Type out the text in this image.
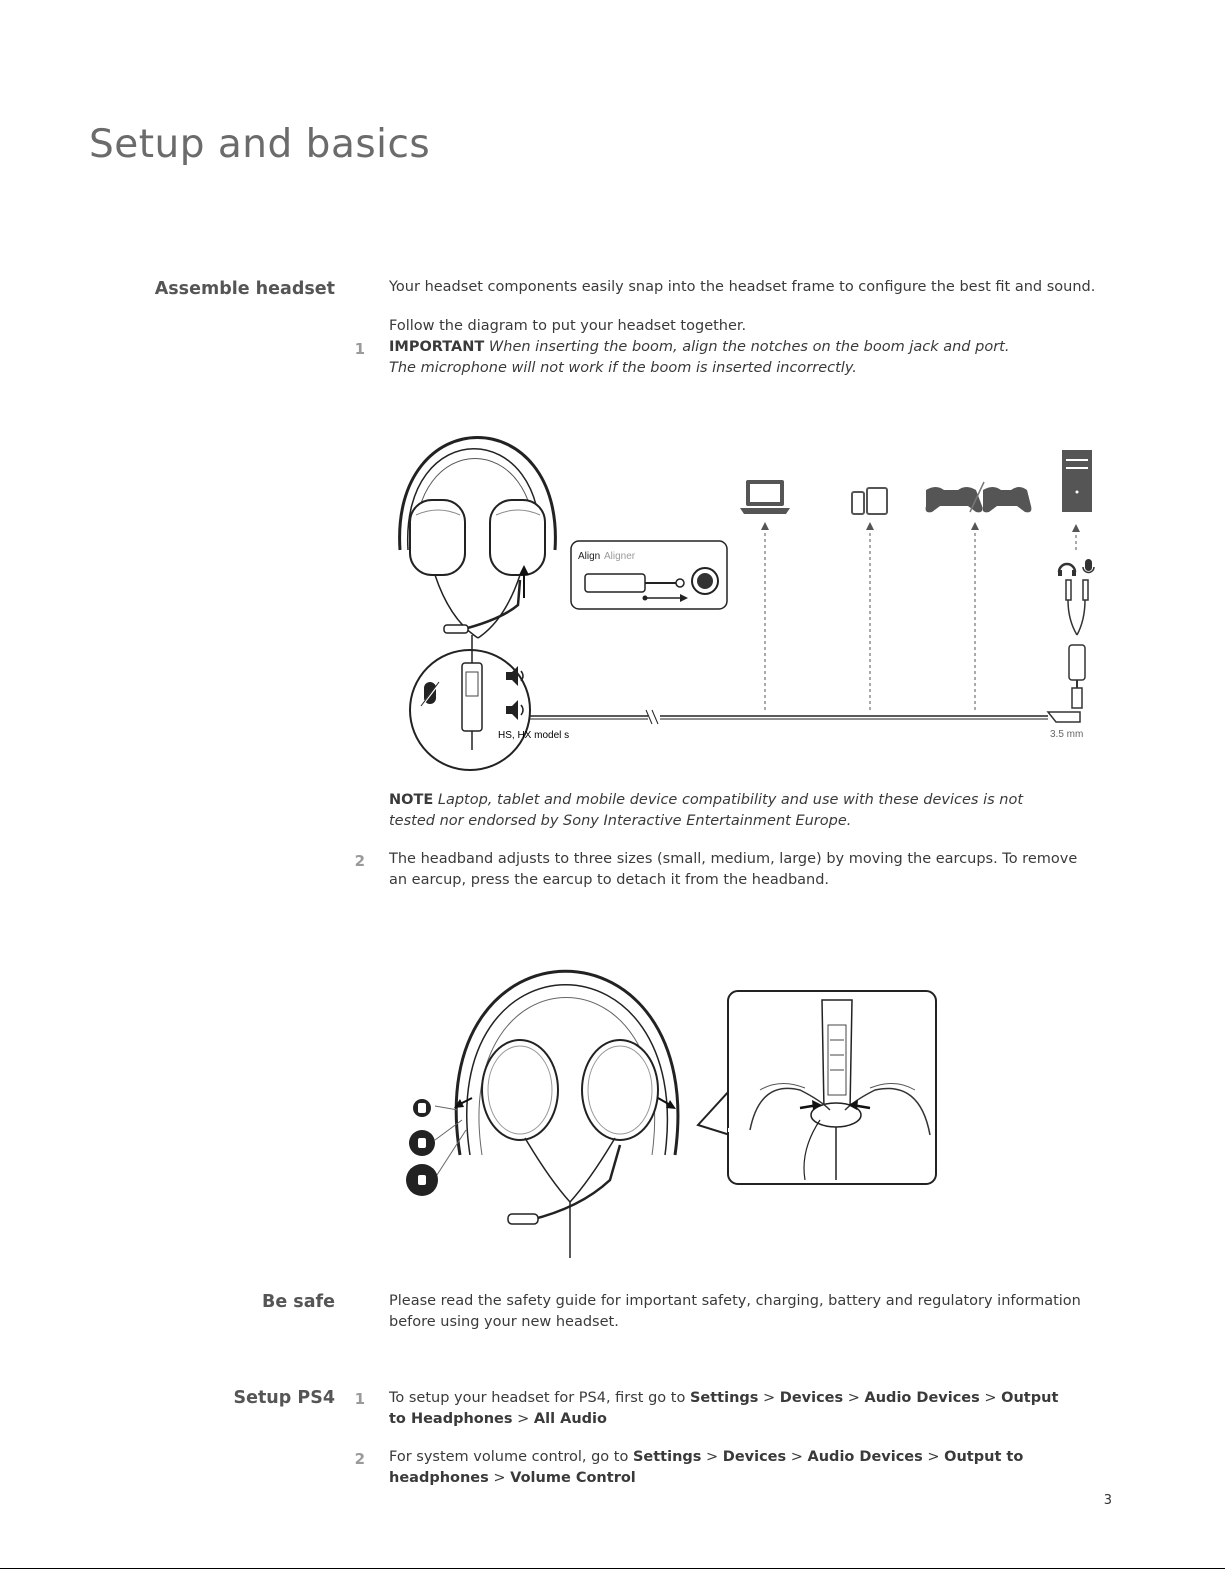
Setup and basics
Assemble headset	Your headset components easily snap into the headset frame to configure the best fit and sound.
Follow the diagram to put your headset together.
1 IMPORTANT When inserting the boom, align the notches on the boom jack and port. The microphone will not work if the boom is inserted incorrectly.
Align Aligner
HS, HX model s	3.5 mm
NOTE Laptop, tablet and mobile device compatibility and use with these devices is not tested nor endorsed by Sony Interactive Entertainment Europe.
2 The headband adjusts to three sizes (small, medium, large) by moving the earcups. To remove an earcup, press the earcup to detach it from the headband.
Be safe	Please read the safety guide for important safety, charging, battery and regulatory information before using your new headset.
Setup PS4	1 To setup your headset for PS4, first go to Settings > Devices > Audio Devices > Output to Headphones > All Audio
2 For system volume control, go to Settings > Devices > Audio Devices > Output to headphones > Volume Control
3
